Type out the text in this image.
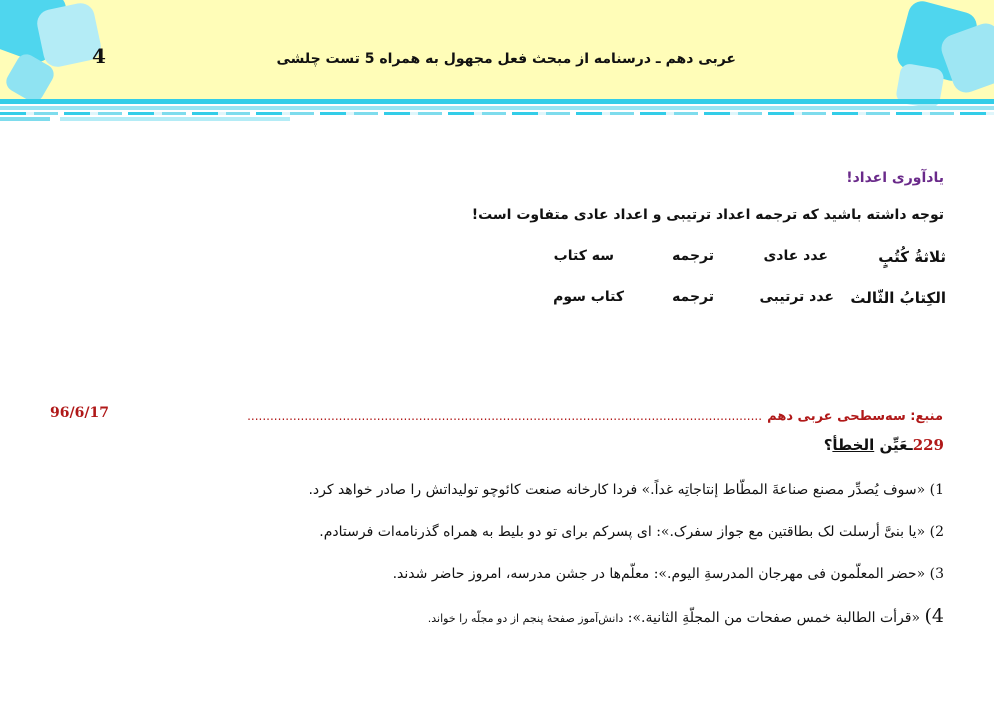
4	عربی دهم ـ درسنامه از مبحث فعل مجهول به همراه 5 تست چلشی
یادآوری اعداد!
توجه داشته باشید که ترجمه اعداد ترتیبی و اعداد عادی متفاوت است!
ثلاثةُ کُتُبٍ
عدد عادی
ترجمه
سه کتاب
الکِتابُ الثّالث
عدد ترتیبی
ترجمه
کتاب سوم
منبع: سه‌سطحی عربی دهم .......................................................................................................................................
96/6/17
229ـعَیِّن الخطأ؟
1) «سوف یُصدِّر مصنع صناعةَ المطّاط إنتاجاتِه غداً.» فردا کارخانه صنعت کائوچو تولیداتش را صادر خواهد کرد.
2) «یا بنیَّ أرسلت لک بطاقتین مع جواز سفرک.»: ای پسرکم برای تو دو بلیط به همراه گذرنامه‌ات فرستادم.
3) «حضر المعلّمون فی مهرجان المدرسةِ الیوم.»: معلّم‌ها در جشن مدرسه، امروز حاضر شدند.
4) «قرأت الطالبة خمس صفحات من المجلّةِ الثانیة.»: دانش‌آموز صفحهٔ پنجم از دو مجلّه را خواند.
